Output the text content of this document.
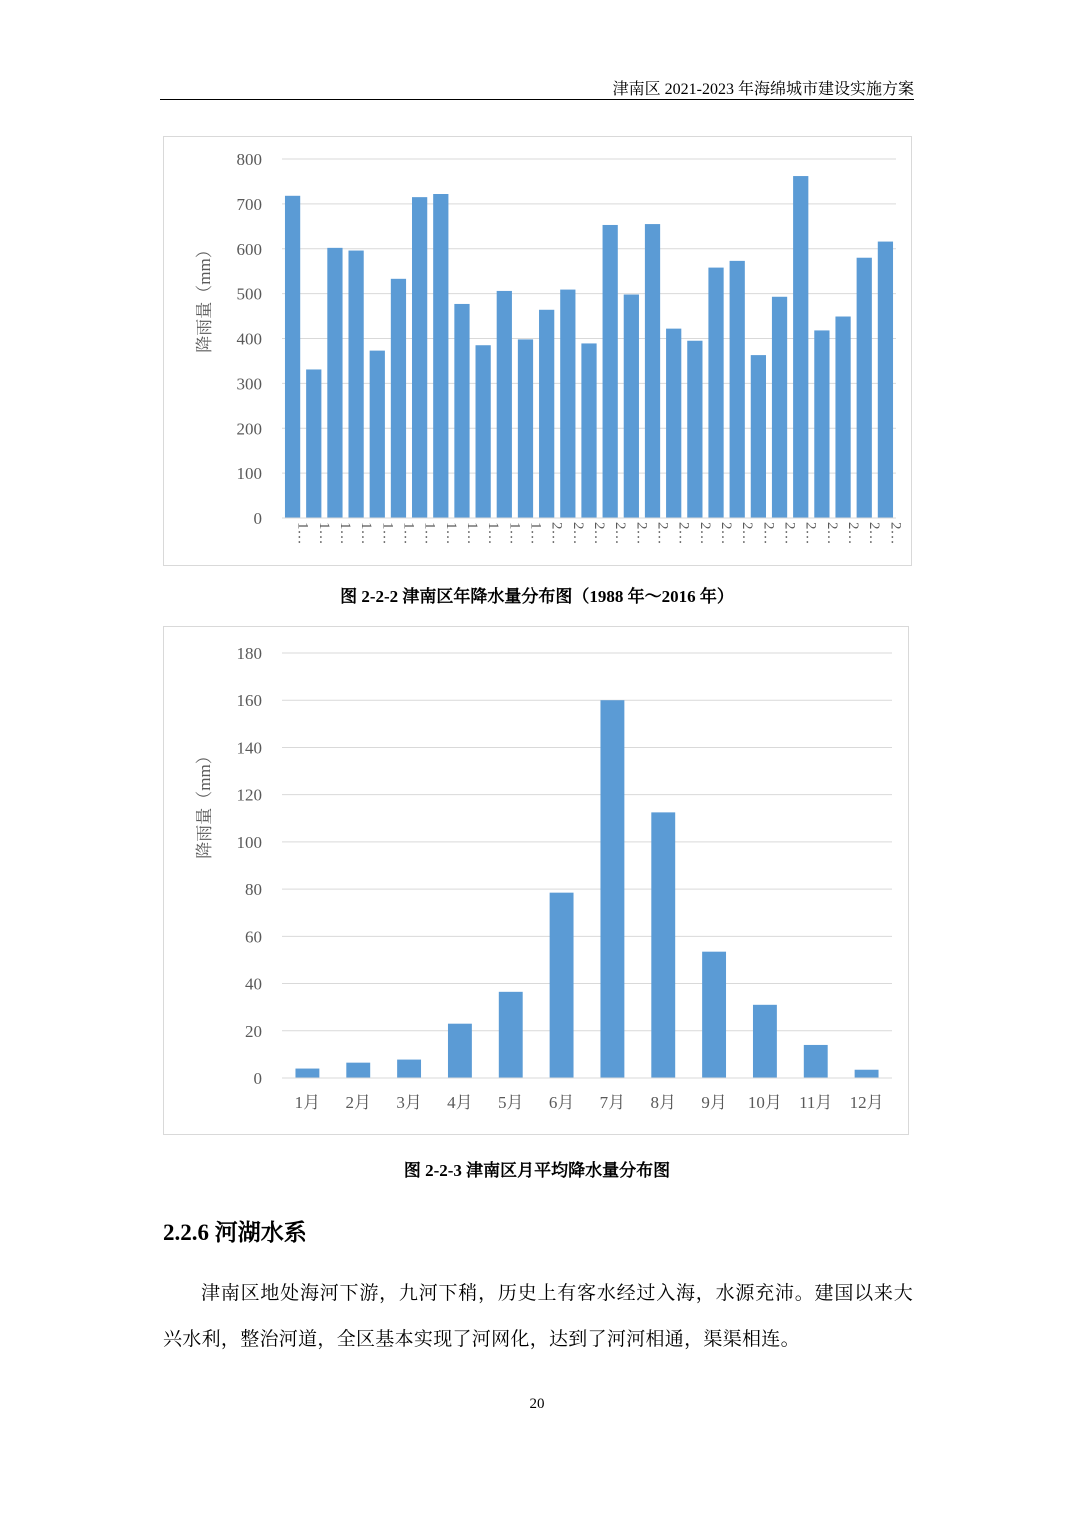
津南区 2021-2023 年海绵城市建设实施方案
0
100
200
300
400
500
600
700
800
1… 1… 1… 1… 1… 1… 1… 1… 1… 1… 1… 1… 2… 2… 2… 2… 2… 2… 2… 2… 2… 2… 2… 2… 2… 2… 2… 2… 2…
降雨量（mm）
图 2-2-2 津南区年降水量分布图（1988 年～2016 年）
0
20
40
60
80
100
120
140
160
180
1月 2月 3月 4月 5月 6月 7月 8月 9月 10月 11月 12月
降雨量（mm）
图 2-2-3 津南区月平均降水量分布图
2.2.6 河湖水系
津南区地处海河下游，九河下稍，历史上有客水经过入海，水源充沛。建国以来大兴水利，整治河道，全区基本实现了河网化，达到了河河相通，渠渠相连。
20
